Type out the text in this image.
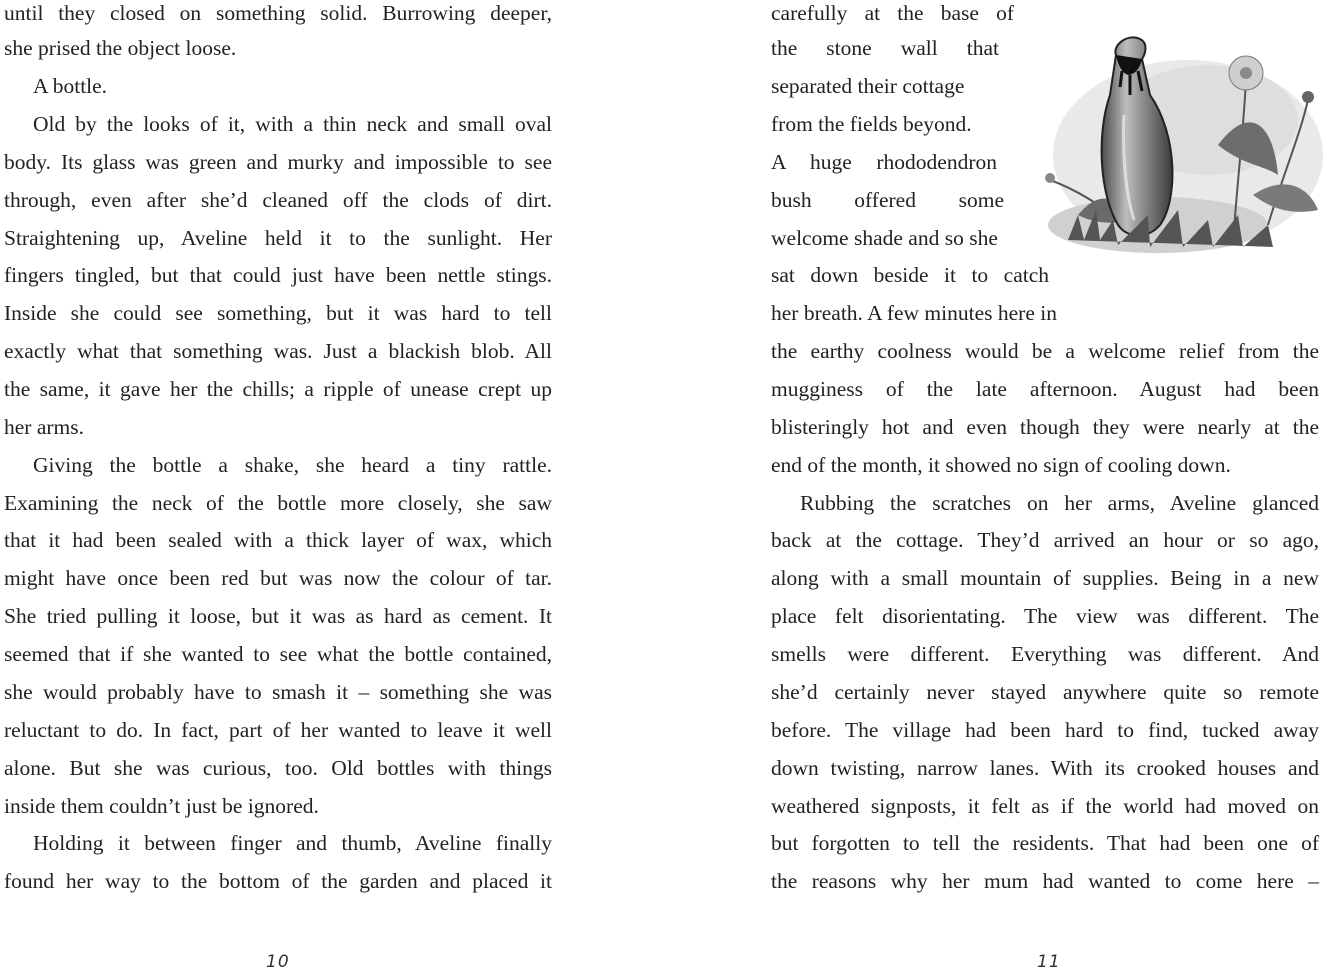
until they closed on something solid. Burrowing deeper,
she prised the object loose.
A bottle.
Old by the looks of it, with a thin neck and small oval
body. Its glass was green and murky and impossible to see
through, even after she’d cleaned off the clods of dirt.
Straightening up, Aveline held it to the sunlight. Her
fingers tingled, but that could just have been nettle stings.
Inside she could see something, but it was hard to tell
exactly what that something was. Just a blackish blob. All
the same, it gave her the chills; a ripple of unease crept up
her arms.
Giving the bottle a shake, she heard a tiny rattle.
Examining the neck of the bottle more closely, she saw
that it had been sealed with a thick layer of wax, which
might have once been red but was now the colour of tar.
She tried pulling it loose, but it was as hard as cement. It
seemed that if she wanted to see what the bottle contained,
she would probably have to smash it – something she was
reluctant to do. In fact, part of her wanted to leave it well
alone. But she was curious, too. Old bottles with things
inside them couldn’t just be ignored.
Holding it between finger and thumb, Aveline finally
found her way to the bottom of the garden and placed it
10
carefully at the base of
the stone wall that
separated their cottage
from the fields beyond.
A huge rhododendron
bush offered some
welcome shade and so she
sat down beside it to catch
her breath. A few minutes here in
the earthy coolness would be a welcome relief from the
mugginess of the late afternoon. August had been
blisteringly hot and even though they were nearly at the
end of the month, it showed no sign of cooling down.
Rubbing the scratches on her arms, Aveline glanced
back at the cottage. They’d arrived an hour or so ago,
along with a small mountain of supplies. Being in a new
place felt disorientating. The view was different. The
smells were different. Everything was different. And
she’d certainly never stayed anywhere quite so remote
before. The village had been hard to find, tucked away
down twisting, narrow lanes. With its crooked houses and
weathered signposts, it felt as if the world had moved on
but forgotten to tell the residents. That had been one of
the reasons why her mum had wanted to come here –
11
